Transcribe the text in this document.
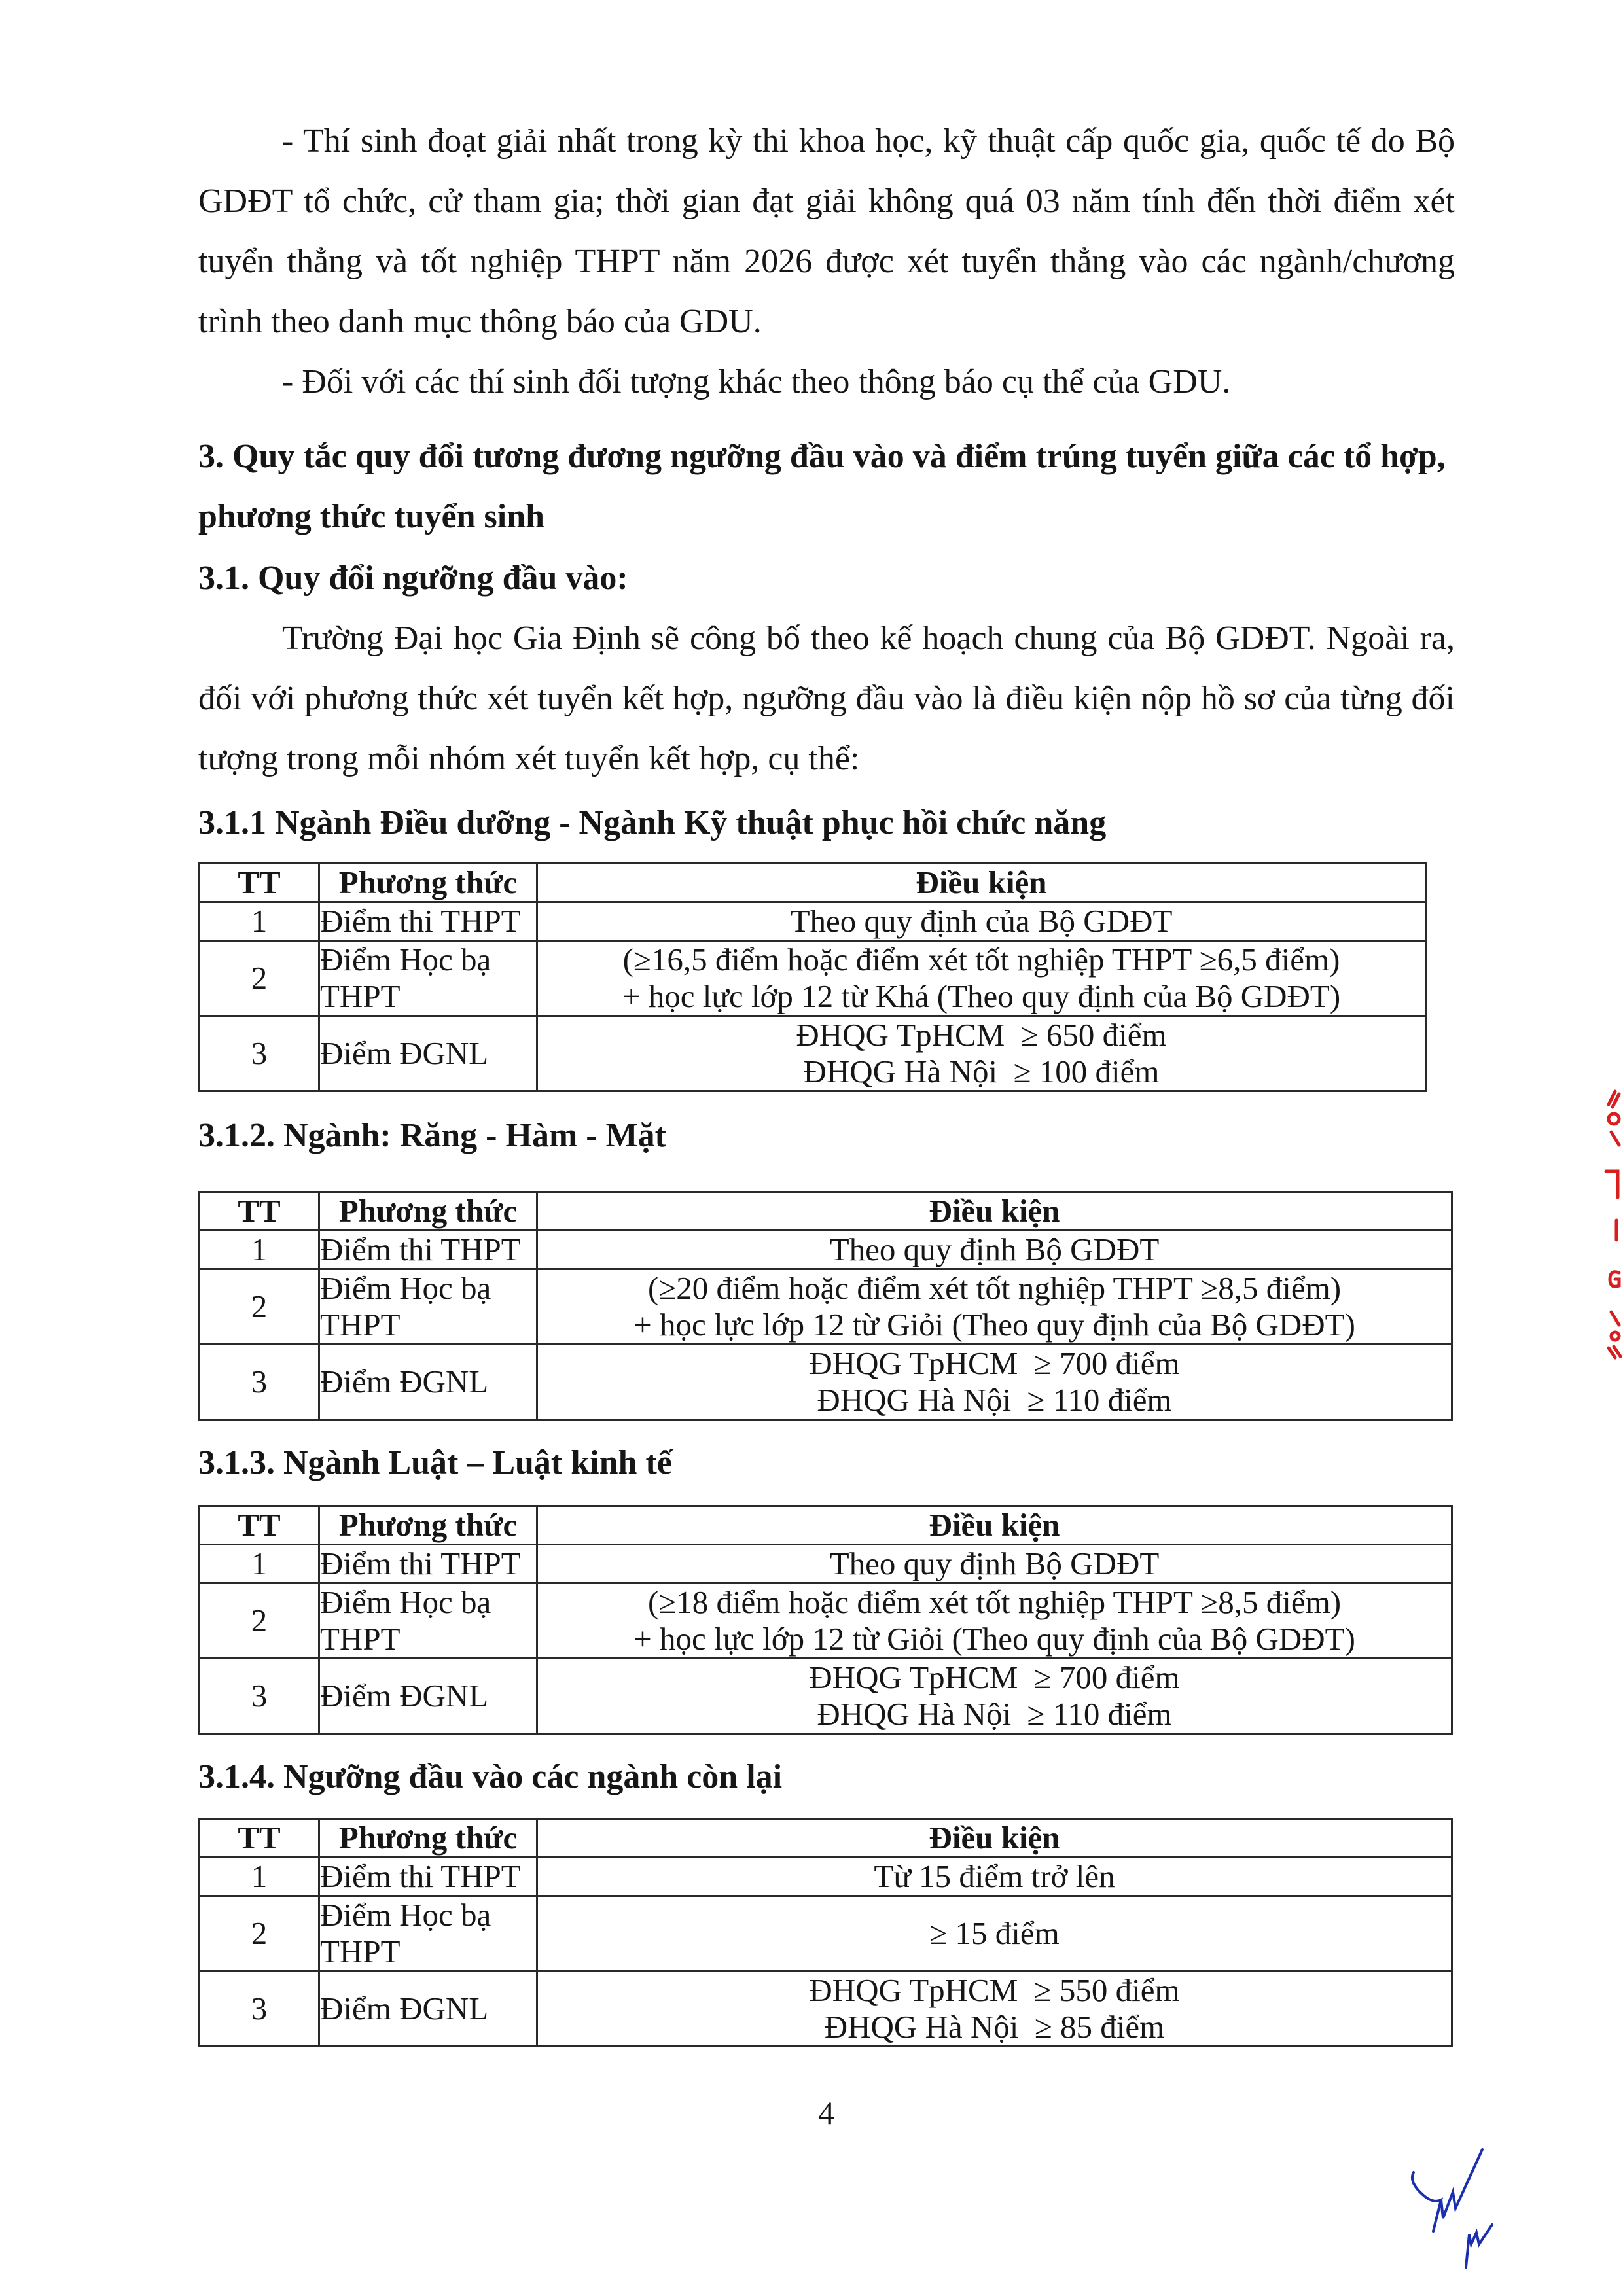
- Thí sinh đoạt giải nhất trong kỳ thi khoa học, kỹ thuật cấp quốc gia, quốc tế do Bộ GDĐT tổ chức, cử tham gia; thời gian đạt giải không quá 03 năm tính đến thời điểm xét tuyển thẳng và tốt nghiệp THPT năm 2026 được xét tuyển thẳng vào các ngành/chương trình theo danh mục thông báo của GDU.

- Đối với các thí sinh đối tượng khác theo thông báo cụ thể của GDU.

3. Quy tắc quy đổi tương đương ngưỡng đầu vào và điểm trúng tuyển giữa các tổ hợp,
phương thức tuyển sinh
3.1. Quy đổi ngưỡng đầu vào:

Trường Đại học Gia Định sẽ công bố theo kế hoạch chung của Bộ GDĐT. Ngoài ra, đối với phương thức xét tuyển kết hợp, ngưỡng đầu vào là điều kiện nộp hồ sơ của từng đối tượng trong mỗi nhóm xét tuyển kết hợp, cụ thể:

3.1.1 Ngành Điều dưỡng - Ngành Kỹ thuật phục hồi chức năng
TT	Phương thức	Điều kiện
1	Điểm thi THPT	Theo quy định của Bộ GDĐT

2	Điểm Học bạ THPT	(≥16,5 điểm hoặc điểm xét tốt nghiệp THPT ≥6,5 điểm)
+ học lực lớp 12 từ Khá (Theo quy định của Bộ GDĐT)

3	Điểm ĐGNL	ĐHQG TpHCM  ≥ 650 điểm
ĐHQG Hà Nội  ≥ 100 điểm
3.1.2. Ngành: Răng - Hàm - Mặt
TT	Phương thức	Điều kiện
1	Điểm thi THPT	Theo quy định Bộ GDĐT

2	Điểm Học bạ THPT	(≥20 điểm hoặc điểm xét tốt nghiệp THPT ≥8,5 điểm)
+ học lực lớp 12 từ Giỏi (Theo quy định của Bộ GDĐT)

3	Điểm ĐGNL	ĐHQG TpHCM  ≥ 700 điểm
ĐHQG Hà Nội  ≥ 110 điểm
3.1.3. Ngành Luật – Luật kinh tế
TT	Phương thức	Điều kiện
1	Điểm thi THPT	Theo quy định Bộ GDĐT

2	Điểm Học bạ THPT	(≥18 điểm hoặc điểm xét tốt nghiệp THPT ≥8,5 điểm)
+ học lực lớp 12 từ Giỏi (Theo quy định của Bộ GDĐT)

3	Điểm ĐGNL	ĐHQG TpHCM  ≥ 700 điểm
ĐHQG Hà Nội  ≥ 110 điểm
3.1.4. Ngưỡng đầu vào các ngành còn lại
TT	Phương thức	Điều kiện
1	Điểm thi THPT	Từ 15 điểm trở lên

2	Điểm Học bạ THPT	≥ 15 điểm

3	Điểm ĐGNL	ĐHQG TpHCM  ≥ 550 điểm
ĐHQG Hà Nội  ≥ 85 điểm
4
